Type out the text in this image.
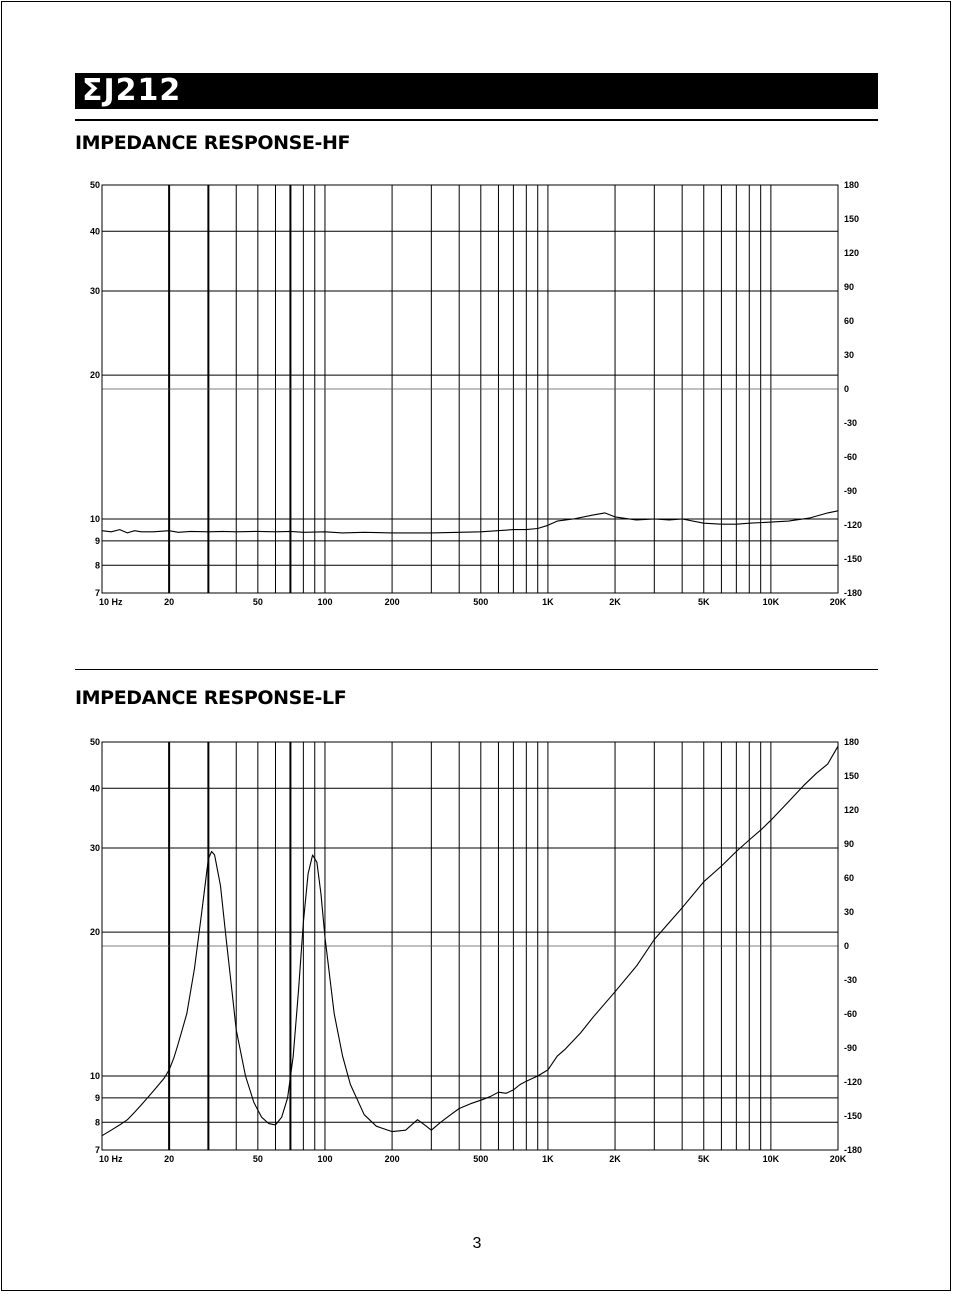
ΣJ212
IMPEDANCE RESPONSE-HF
IMPEDANCE RESPONSE-LF
50
40
30
20
10
9
8
7
180
150
120
90
60
30
0
-30
-60
-90
-120
-150
-180
10 Hz	20	50	100	200	500	1K	2K	5K	10K	20K
50
40
30
20
10
9
8
7
180
150
120
90
60
30
0
-30
-60
-90
-120
-150
-180
10 Hz	20	50	100	200	500	1K	2K	5K	10K	20K
3
